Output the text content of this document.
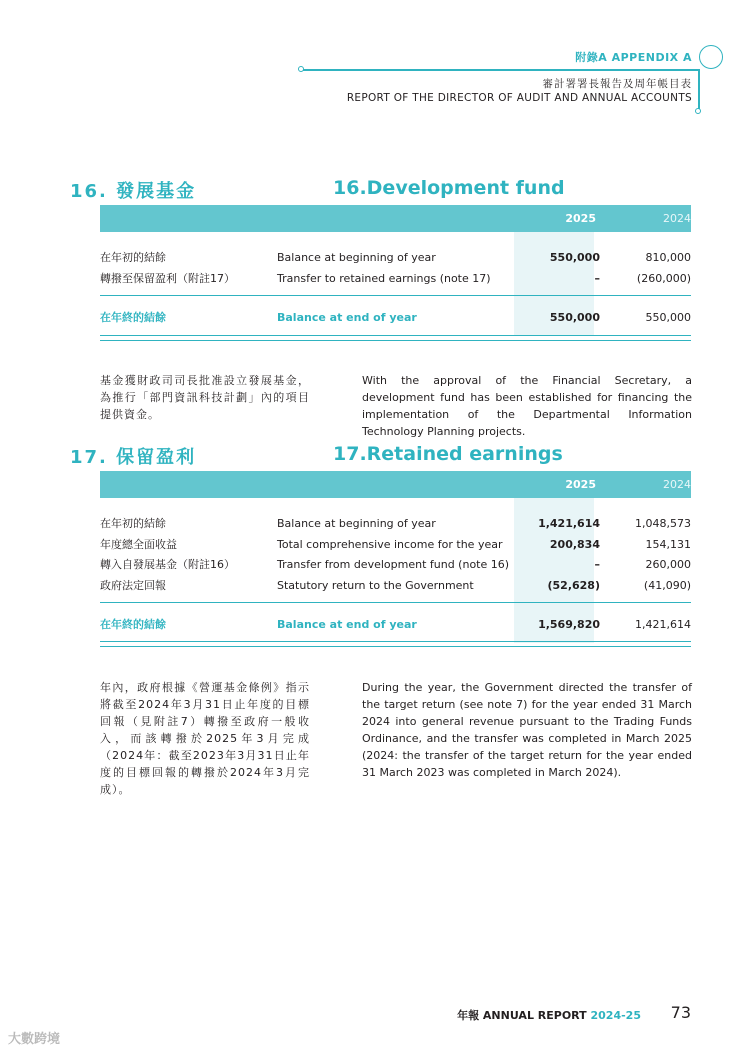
附錄A APPENDIX A
審計署署長報告及周年帳目表
REPORT OF THE DIRECTOR OF AUDIT AND ANNUAL ACCOUNTS
16. 發展基金	16.Development fund
2025	2024
在年初的結餘	Balance at beginning of year	550,000	810,000
轉撥至保留盈利（附註17）	Transfer to retained earnings (note 17)	–	(260,000)
在年終的結餘	Balance at end of year	550,000	550,000
基金獲財政司司長批准設立發展基金，為推行「部門資訊科技計劃」內的項目提供資金。
With the approval of the Financial Secretary, a development fund has been established for financing the implementation of the Departmental Information Technology Planning projects.
17. 保留盈利	17.Retained earnings
2025	2024
在年初的結餘	Balance at beginning of year	1,421,614	1,048,573
年度總全面收益	Total comprehensive income for the year	200,834	154,131
轉入自發展基金（附註16）	Transfer from development fund (note 16)	–	260,000
政府法定回報	Statutory return to the Government	(52,628)	(41,090)
在年終的結餘	Balance at end of year	1,569,820	1,421,614
年內，政府根據《營運基金條例》指示將截至2024年3月31日止年度的目標回報（見附註7）轉撥至政府一般收入，而該轉撥於2025年3月完成（2024年：截至2023年3月31日止年度的目標回報的轉撥於2024年3月完成）。
During the year, the Government directed the transfer of the target return (see note 7) for the year ended 31 March 2024 into general revenue pursuant to the Trading Funds Ordinance, and the transfer was completed in March 2025 (2024: the transfer of the target return for the year ended 31 March 2023 was completed in March 2024).
年報 ANNUAL REPORT 2024-25 73
大數跨境
